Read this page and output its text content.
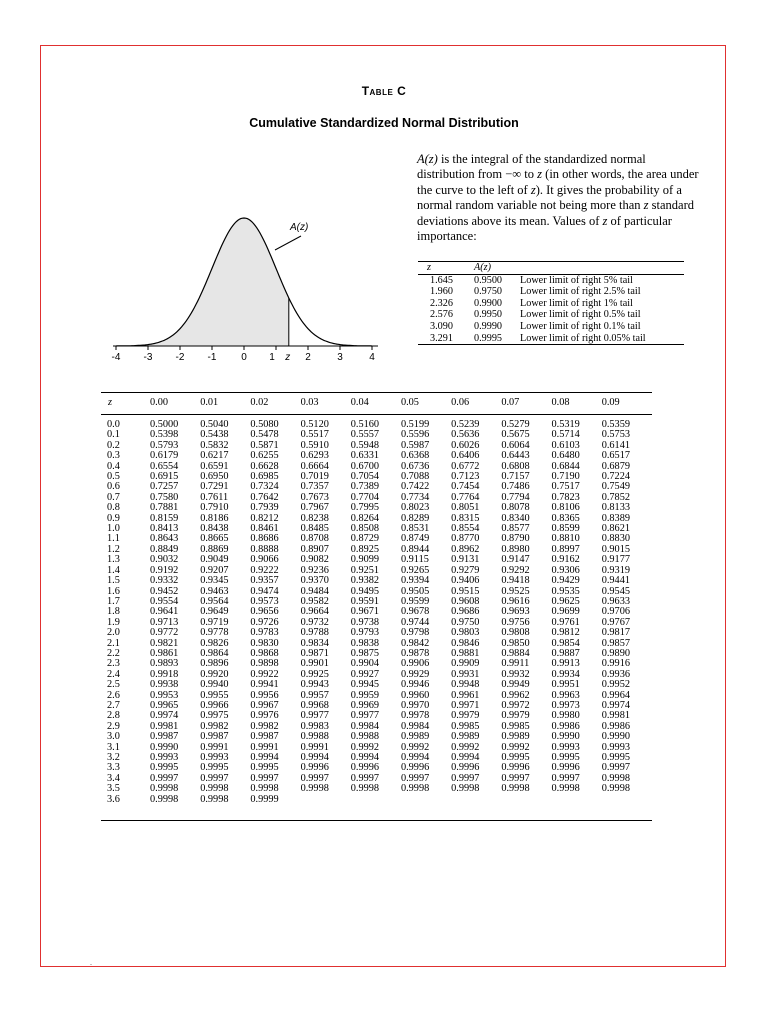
Table C
Cumulative Standardized Normal Distribution
A(z) is the integral of the standardized normal distribution from −∞ to z (in other words, the area under the curve to the left of z). It gives the probability of a normal random variable not being more than z standard deviations above its mean. Values of z of particular importance:
A(z)
-4 -3 -2 -1 0 1	2	3	4
z
z	A(z)	
1.645	0.9500	Lower limit of right 5% tail
1.960	0.9750	Lower limit of right 2.5% tail
2.326	0.9900	Lower limit of right 1% tail
2.576	0.9950	Lower limit of right 0.5% tail
3.090	0.9990	Lower limit of right 0.1% tail
3.291	0.9995	Lower limit of right 0.05% tail
z	0.00	0.01	0.02	0.03	0.04	0.05	0.06	0.07	0.08	0.09
0.0	0.5000	0.5040	0.5080	0.5120	0.5160	0.5199	0.5239	0.5279	0.5319	0.5359
0.1	0.5398	0.5438	0.5478	0.5517	0.5557	0.5596	0.5636	0.5675	0.5714	0.5753
0.2	0.5793	0.5832	0.5871	0.5910	0.5948	0.5987	0.6026	0.6064	0.6103	0.6141
0.3	0.6179	0.6217	0.6255	0.6293	0.6331	0.6368	0.6406	0.6443	0.6480	0.6517
0.4	0.6554	0.6591	0.6628	0.6664	0.6700	0.6736	0.6772	0.6808	0.6844	0.6879
0.5	0.6915	0.6950	0.6985	0.7019	0.7054	0.7088	0.7123	0.7157	0.7190	0.7224
0.6	0.7257	0.7291	0.7324	0.7357	0.7389	0.7422	0.7454	0.7486	0.7517	0.7549
0.7	0.7580	0.7611	0.7642	0.7673	0.7704	0.7734	0.7764	0.7794	0.7823	0.7852
0.8	0.7881	0.7910	0.7939	0.7967	0.7995	0.8023	0.8051	0.8078	0.8106	0.8133
0.9	0.8159	0.8186	0.8212	0.8238	0.8264	0.8289	0.8315	0.8340	0.8365	0.8389
1.0	0.8413	0.8438	0.8461	0.8485	0.8508	0.8531	0.8554	0.8577	0.8599	0.8621
1.1	0.8643	0.8665	0.8686	0.8708	0.8729	0.8749	0.8770	0.8790	0.8810	0.8830
1.2	0.8849	0.8869	0.8888	0.8907	0.8925	0.8944	0.8962	0.8980	0.8997	0.9015
1.3	0.9032	0.9049	0.9066	0.9082	0.9099	0.9115	0.9131	0.9147	0.9162	0.9177
1.4	0.9192	0.9207	0.9222	0.9236	0.9251	0.9265	0.9279	0.9292	0.9306	0.9319
1.5	0.9332	0.9345	0.9357	0.9370	0.9382	0.9394	0.9406	0.9418	0.9429	0.9441
1.6	0.9452	0.9463	0.9474	0.9484	0.9495	0.9505	0.9515	0.9525	0.9535	0.9545
1.7	0.9554	0.9564	0.9573	0.9582	0.9591	0.9599	0.9608	0.9616	0.9625	0.9633
1.8	0.9641	0.9649	0.9656	0.9664	0.9671	0.9678	0.9686	0.9693	0.9699	0.9706
1.9	0.9713	0.9719	0.9726	0.9732	0.9738	0.9744	0.9750	0.9756	0.9761	0.9767
2.0	0.9772	0.9778	0.9783	0.9788	0.9793	0.9798	0.9803	0.9808	0.9812	0.9817
2.1	0.9821	0.9826	0.9830	0.9834	0.9838	0.9842	0.9846	0.9850	0.9854	0.9857
2.2	0.9861	0.9864	0.9868	0.9871	0.9875	0.9878	0.9881	0.9884	0.9887	0.9890
2.3	0.9893	0.9896	0.9898	0.9901	0.9904	0.9906	0.9909	0.9911	0.9913	0.9916
2.4	0.9918	0.9920	0.9922	0.9925	0.9927	0.9929	0.9931	0.9932	0.9934	0.9936
2.5	0.9938	0.9940	0.9941	0.9943	0.9945	0.9946	0.9948	0.9949	0.9951	0.9952
2.6	0.9953	0.9955	0.9956	0.9957	0.9959	0.9960	0.9961	0.9962	0.9963	0.9964
2.7	0.9965	0.9966	0.9967	0.9968	0.9969	0.9970	0.9971	0.9972	0.9973	0.9974
2.8	0.9974	0.9975	0.9976	0.9977	0.9977	0.9978	0.9979	0.9979	0.9980	0.9981
2.9	0.9981	0.9982	0.9982	0.9983	0.9984	0.9984	0.9985	0.9985	0.9986	0.9986
3.0	0.9987	0.9987	0.9987	0.9988	0.9988	0.9989	0.9989	0.9989	0.9990	0.9990
3.1	0.9990	0.9991	0.9991	0.9991	0.9992	0.9992	0.9992	0.9992	0.9993	0.9993
3.2	0.9993	0.9993	0.9994	0.9994	0.9994	0.9994	0.9994	0.9995	0.9995	0.9995
3.3	0.9995	0.9995	0.9995	0.9996	0.9996	0.9996	0.9996	0.9996	0.9996	0.9997
3.4	0.9997	0.9997	0.9997	0.9997	0.9997	0.9997	0.9997	0.9997	0.9997	0.9998
3.5	0.9998	0.9998	0.9998	0.9998	0.9998	0.9998	0.9998	0.9998	0.9998	0.9998
3.6	0.9998	0.9998	0.9999							
.
